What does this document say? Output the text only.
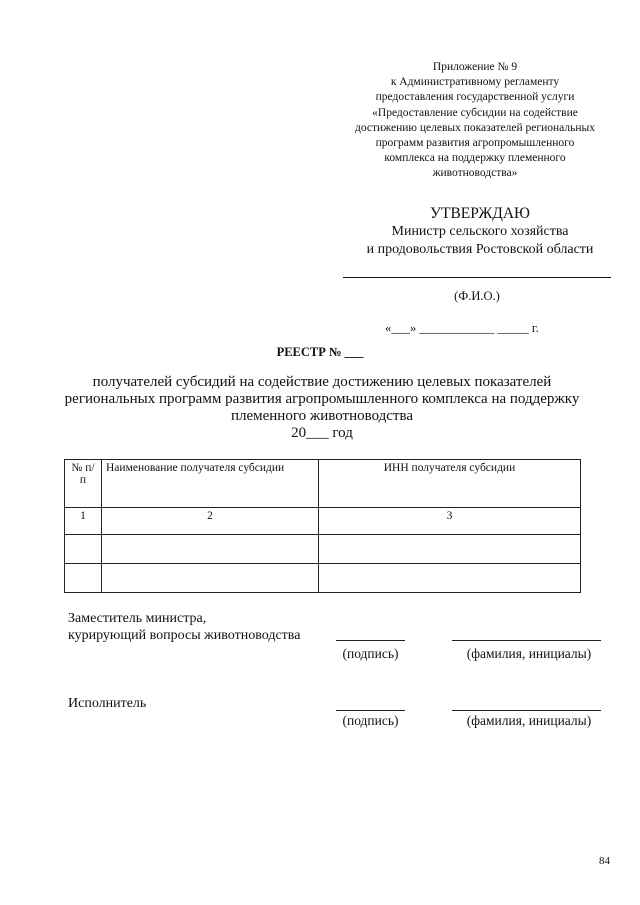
Приложение № 9
к Административному регламенту
предоставления государственной услуги
«Предоставление субсидии на содействие
достижению целевых показателей региональных
программ развития агропромышленного
комплекса на поддержку племенного
животноводства»
УТВЕРЖДАЮ
Министр сельского хозяйства
и продовольствия Ростовской области
(Ф.И.О.)
«___» ____________ _____ г.
РЕЕСТР № ___
получателей субсидий на содействие достижению целевых показателей
региональных программ развития агропромышленного комплекса на поддержку
племенного животноводства
20___ год
№ п/п	Наименование получателя субсидии	ИНН получателя субсидии
1	2	3

Заместитель министра,
курирующий вопросы животноводства
(подпись)	(фамилия, инициалы)
Исполнитель
(подпись)	(фамилия, инициалы)
84
